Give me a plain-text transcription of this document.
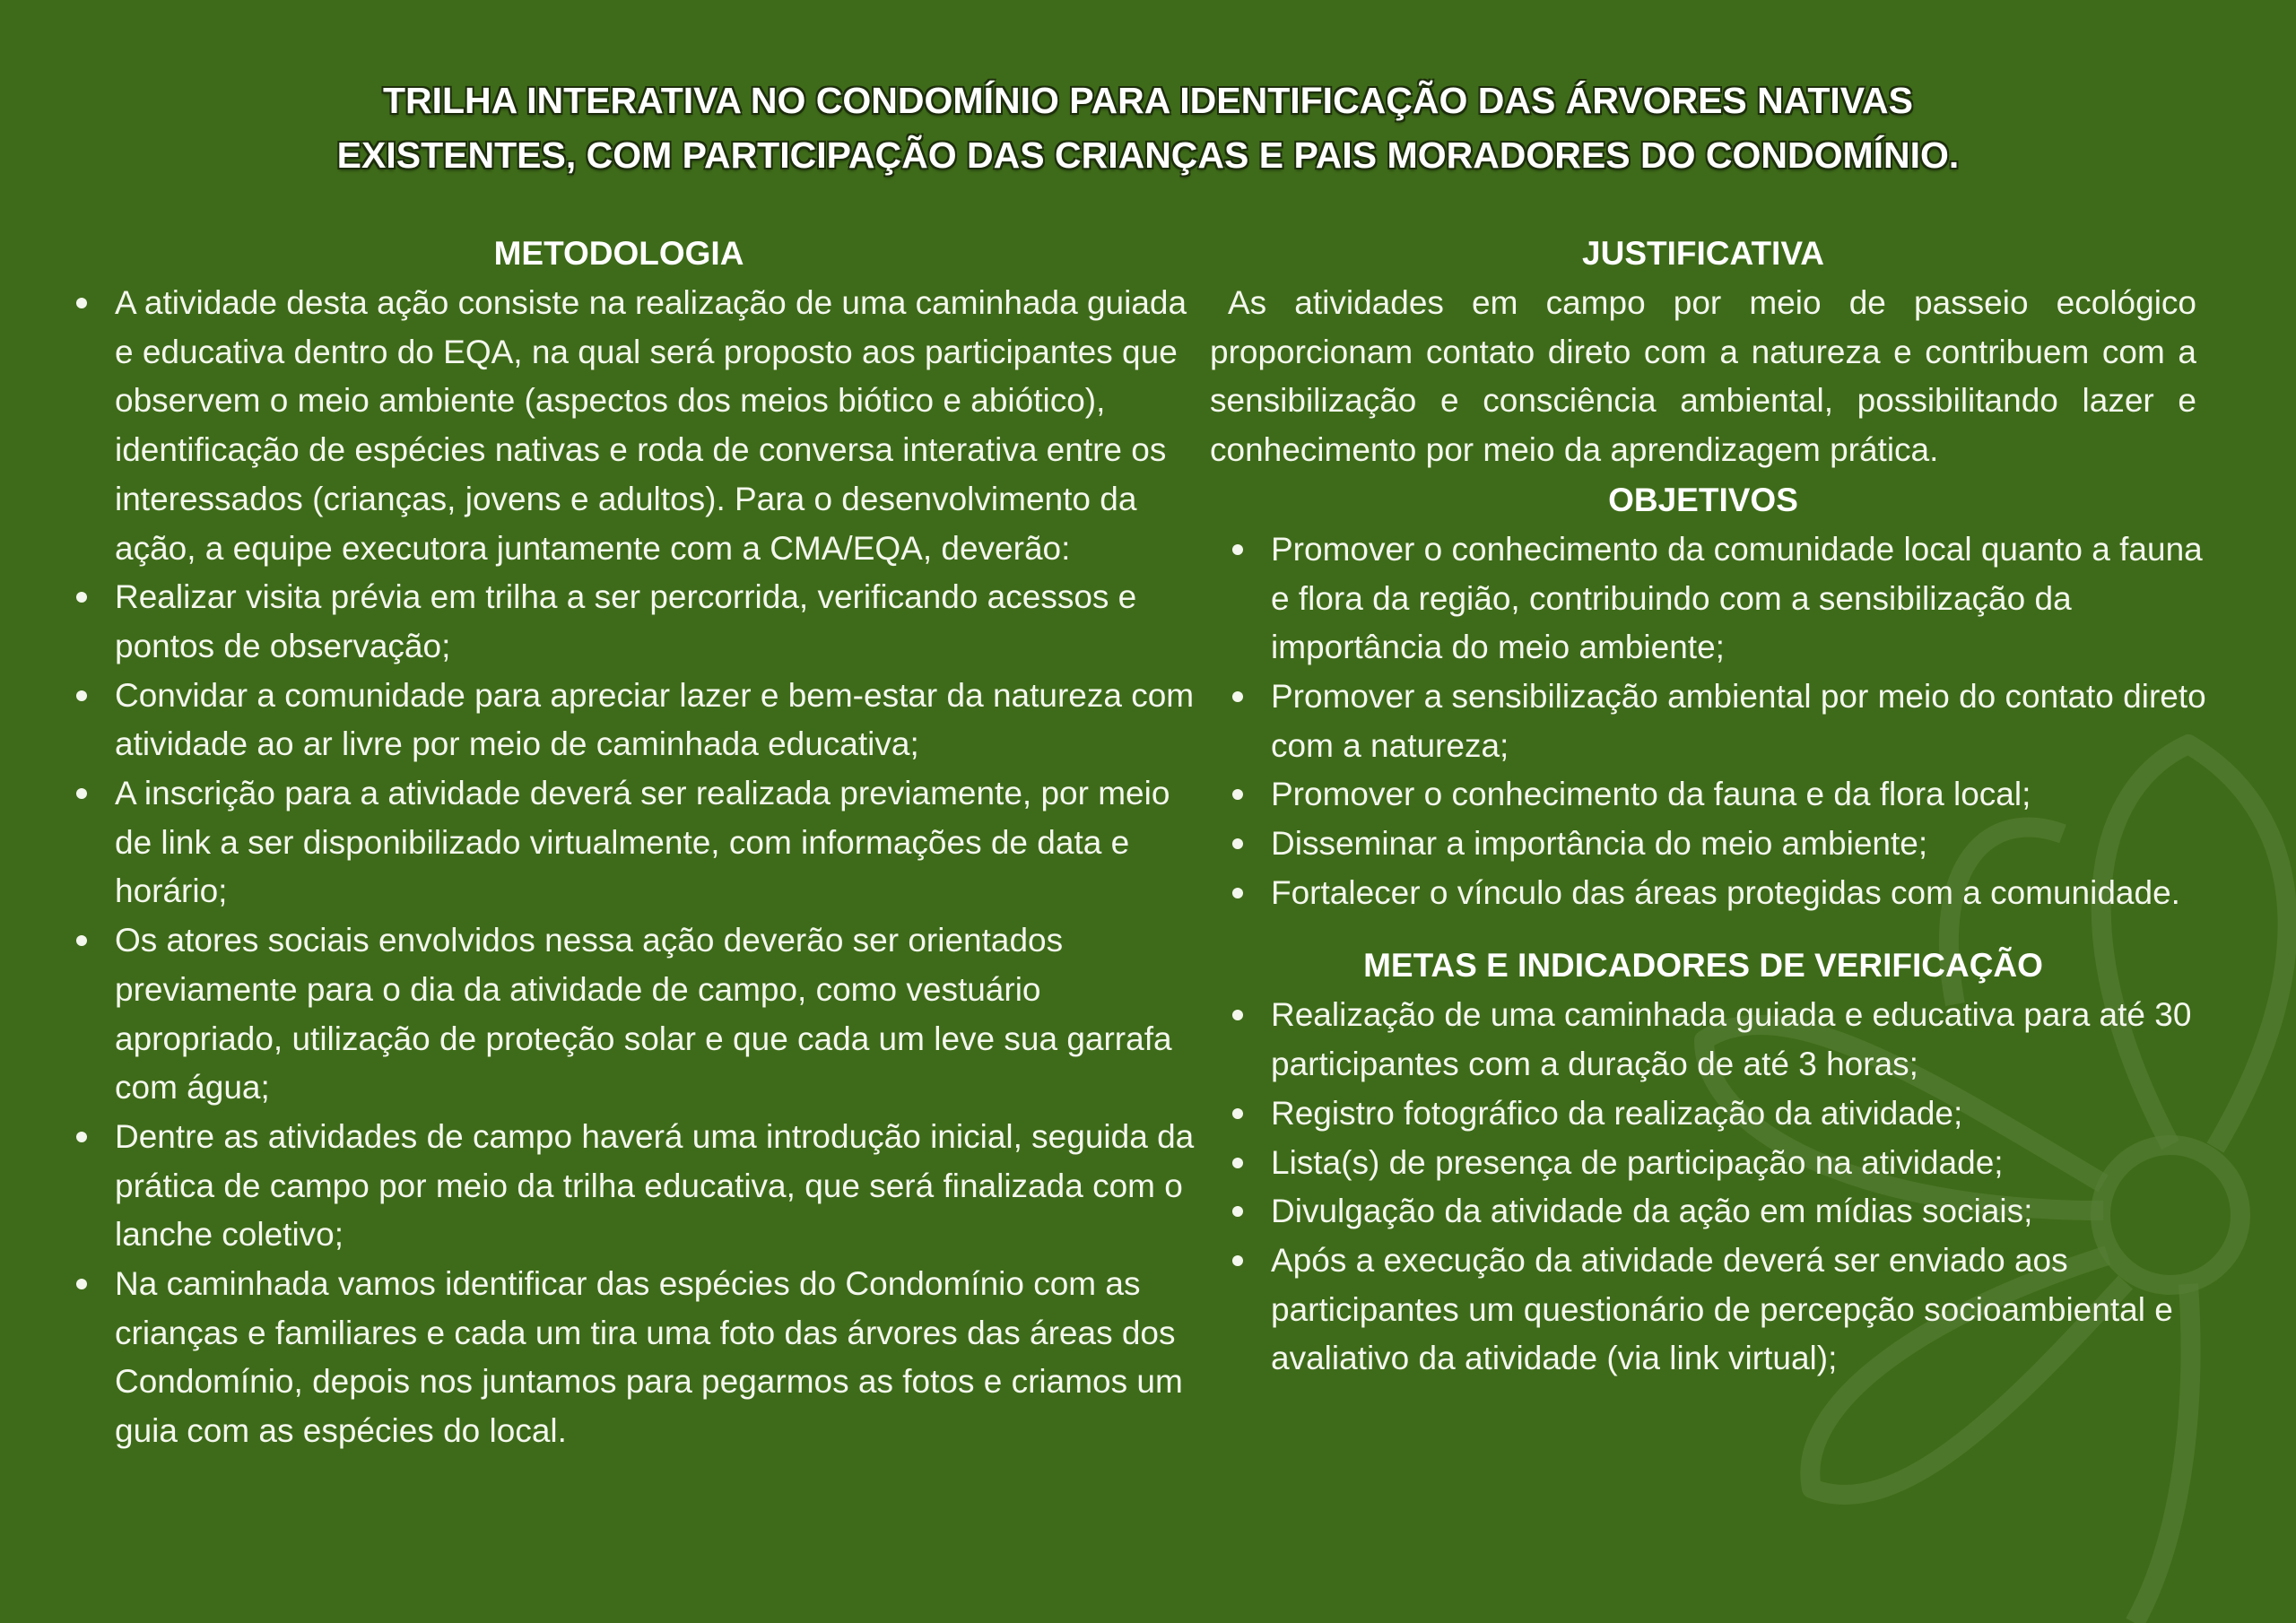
TRILHA INTERATIVA NO CONDOMÍNIO PARA IDENTIFICAÇÃO DAS ÁRVORES NATIVAS
EXISTENTES, COM PARTICIPAÇÃO DAS CRIANÇAS E PAIS MORADORES DO CONDOMÍNIO.
METODOLOGIA
A atividade desta ação consiste na realização de uma caminhada guiada e educativa dentro do EQA, na qual será proposto aos participantes que observem o meio ambiente (aspectos dos meios biótico e abiótico), identificação de espécies nativas e roda de conversa interativa entre os interessados (crianças, jovens e adultos). Para o desenvolvimento da ação, a equipe executora juntamente com a CMA/EQA, deverão:
Realizar visita prévia em trilha a ser percorrida, verificando acessos e pontos de observação;
Convidar a comunidade para apreciar lazer e bem-estar da natureza com atividade ao ar livre por meio de caminhada educativa;
A inscrição para a atividade deverá ser realizada previamente, por meio de link a ser disponibilizado virtualmente, com informações de data e horário;
Os atores sociais envolvidos nessa ação deverão ser orientados previamente para o dia da atividade de campo, como vestuário apropriado, utilização de proteção solar e que cada um leve sua garrafa com água;
Dentre as atividades de campo haverá uma introdução inicial, seguida da prática de campo por meio da trilha educativa, que será finalizada com o lanche coletivo;
Na caminhada vamos identificar das espécies do Condomínio com as crianças e familiares e cada um tira uma foto das árvores das áreas dos Condomínio, depois nos juntamos para pegarmos as fotos e criamos um guia com as espécies do local.
JUSTIFICATIVA

As atividades em campo por meio de passeio ecológico proporcionam contato direto com a natureza e contribuem com a sensibilização e consciência ambiental, possibilitando lazer e conhecimento por meio da aprendizagem prática.

OBJETIVOS
Promover o conhecimento da comunidade local quanto a fauna e flora da região, contribuindo com a sensibilização da importância do meio ambiente;
Promover a sensibilização ambiental por meio do contato direto com a natureza;
Promover o conhecimento da fauna e da flora local;
Disseminar a importância do meio ambiente;
Fortalecer o vínculo das áreas protegidas com a comunidade.
METAS E INDICADORES DE VERIFICAÇÃO
Realização de uma caminhada guiada e educativa para até 30 participantes com a duração de até 3 horas;
Registro fotográfico da realização da atividade;
Lista(s) de presença de participação na atividade;
Divulgação da atividade da ação em mídias sociais;
Após a execução da atividade deverá ser enviado aos participantes um questionário de percepção socioambiental e avaliativo da atividade (via link virtual);
